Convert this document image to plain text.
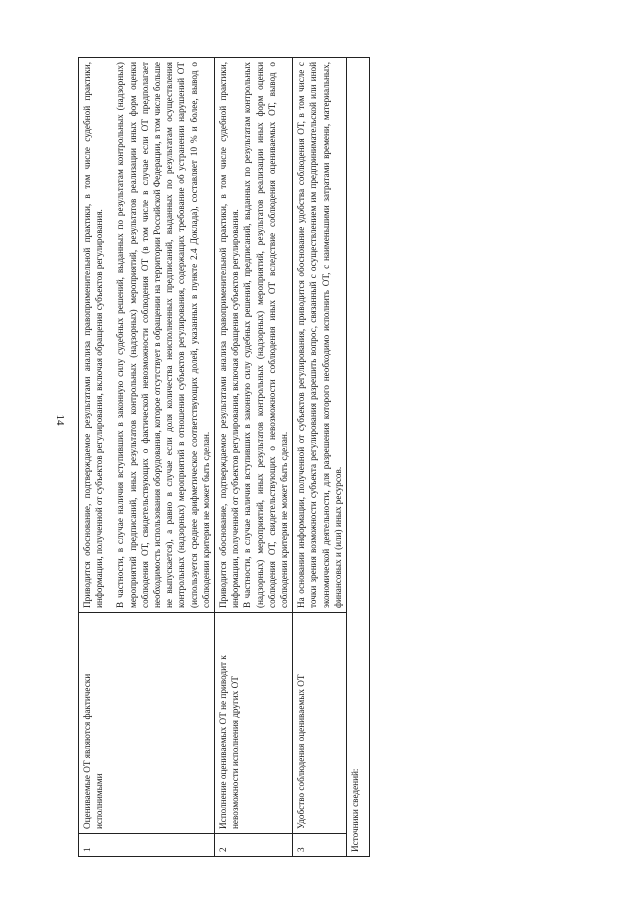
14
1	Оцениваемые ОТ являются фактически исполнимыми	Приводится обоснование, подтверждаемое результатами анализа правоприменительной практики, в том числе судебной практики, информации, полученной от субъектов регулирования, включая обращения субъектов регулирования. В частности, в случае наличия вступивших в законную силу судебных решений, выданных по результатам контрольных (надзорных) мероприятий предписаний, иных результатов контрольных (надзорных) мероприятий, результатов реализации иных форм оценки соблюдения ОТ, свидетельствующих о фактической невозможности соблюдения ОТ (в том числе в случае если ОТ предполагает необходимость использования оборудования, которое отсутствует в обращении на территории Российской Федерации, в том числе больше не выпускается), а равно в случае если доля количества неисполненных предписаний, выданных по результатам осуществления контрольных (надзорных) мероприятий в отношении субъектов регулирования, содержащих требование об устранении нарушений ОТ (используется среднее арифметическое соответствующих долей, указанных в пункте 2.4 Доклада), составляет 10 % и более, вывод о соблюдении критерия не может быть сделан.

2	Исполнение оцениваемых ОТ не приводит к невозможности исполнения других ОТ	Приводится обоснование, подтверждаемое результатами анализа правоприменительной практики, в том числе судебной практики, информации, полученной от субъектов регулирования, включая обращения субъектов регулирования. В частности, в случае наличия вступивших в законную силу судебных решений, предписаний, выданных по результатам контрольных (надзорных) мероприятий, иных результатов контрольных (надзорных) мероприятий, результатов реализации иных форм оценки соблюдения ОТ, свидетельствующих о невозможности соблюдения иных ОТ вследствие соблюдения оцениваемых ОТ, вывод о соблюдении критерия не может быть сделан.

3	Удобство соблюдения оцениваемых ОТ	На основании информации, полученной от субъектов регулирования, приводится обоснование удобства соблюдения ОТ, в том числе с точки зрения возможности субъекта регулирования разрешить вопрос, связанный с осуществлением им предпринимательской или иной экономической деятельности, для разрешения которого необходимо исполнить ОТ, с наименьшими затратами времени, материальных, финансовых и (или) иных ресурсов.

Источники сведений:		
